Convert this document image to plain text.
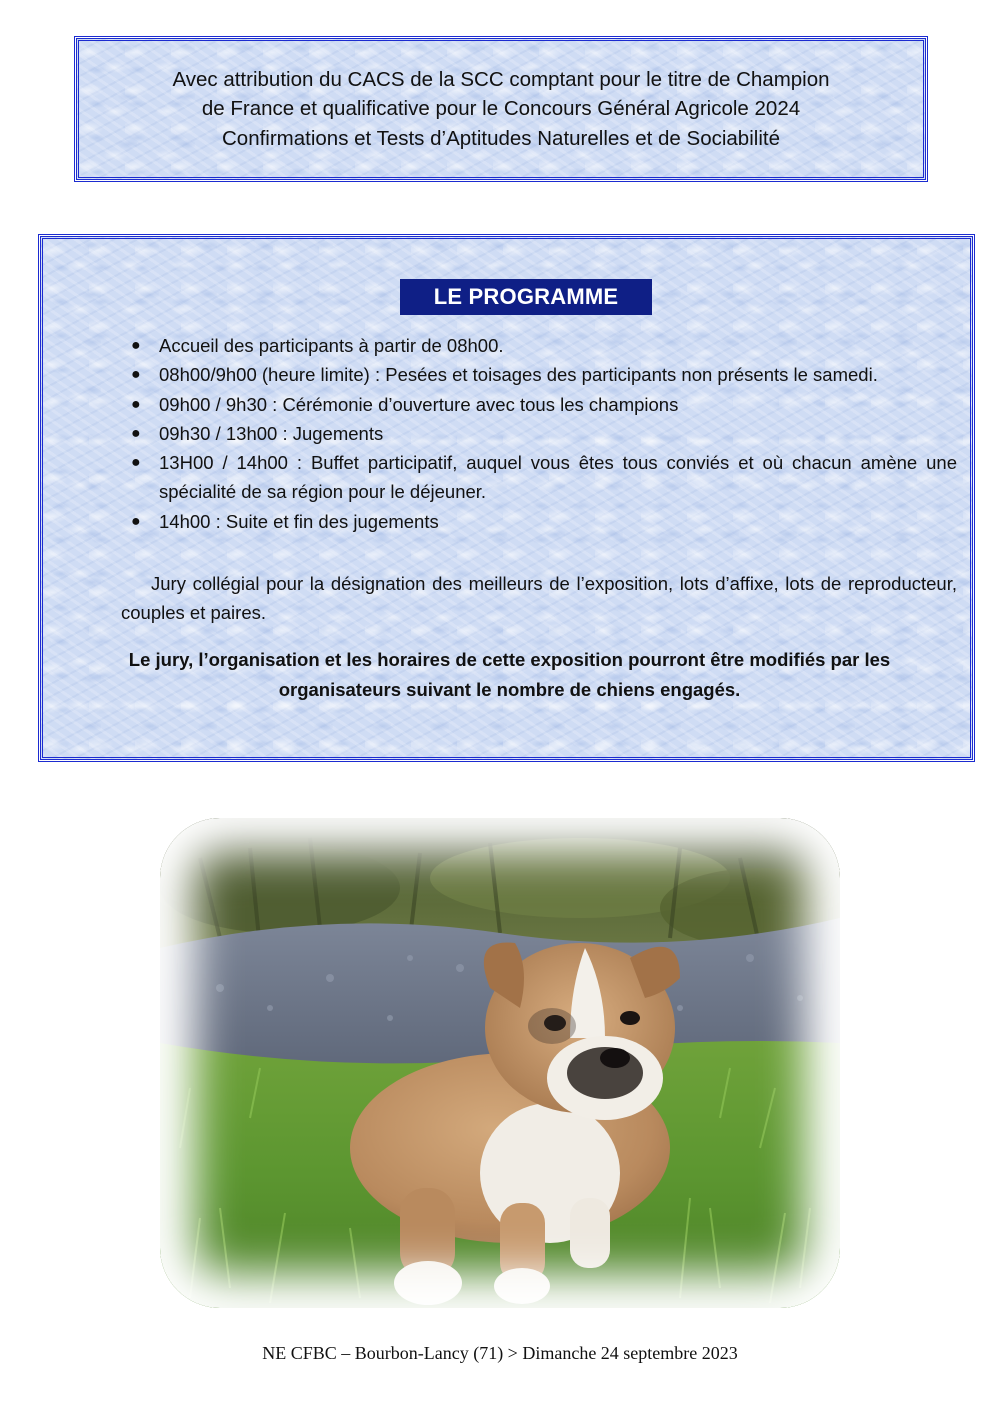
Avec attribution du CACS de la SCC comptant pour le titre de Champion
de France et qualificative pour le Concours Général Agricole 2024
Confirmations et Tests d’Aptitudes Naturelles et de Sociabilité
LE PROGRAMME
● Accueil des participants à partir de 08h00.
● 08h00/9h00 (heure limite) : Pesées et toisages des participants non présents le samedi.
● 09h00 / 9h30 : Cérémonie d’ouverture avec tous les champions
● 09h30 / 13h00 : Jugements
● 13H00 / 14h00 : Buffet participatif, auquel vous êtes tous conviés et où chacun amène une spécialité de sa région pour le déjeuner.
● 14h00 : Suite et fin des jugements
Jury collégial pour la désignation des meilleurs de l’exposition, lots d’affixe, lots de reproducteur, couples et paires.
Le jury, l’organisation et les horaires de cette exposition pourront être modifiés par les organisateurs suivant le nombre de chiens engagés.
NE CFBC – Bourbon-Lancy (71) > Dimanche 24 septembre 2023
